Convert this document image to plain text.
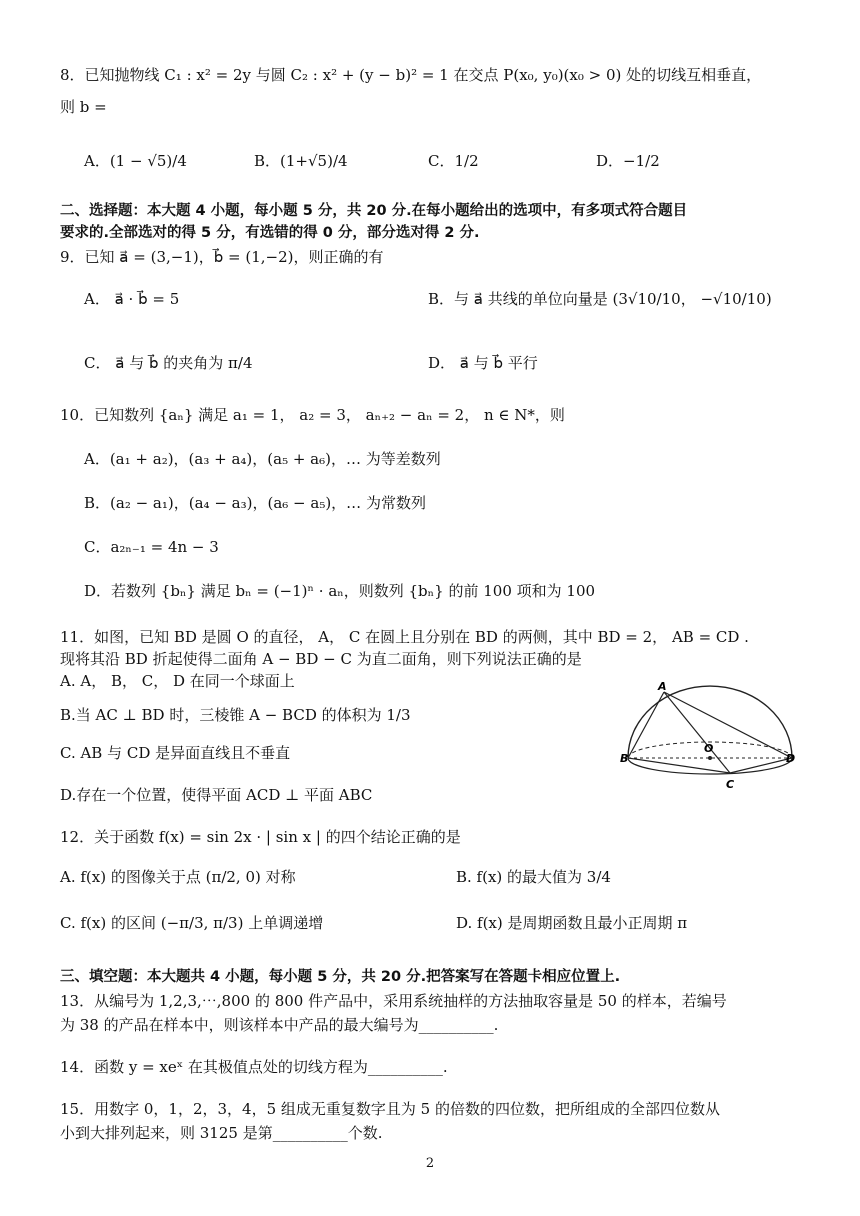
8．已知抛物线 C₁ : x² = 2y 与圆 C₂ : x² + (y − b)² = 1 在交点 P(x₀, y₀)(x₀ > 0) 处的切线互相垂直，
则 b =
A．(1 − √5)/4	B．(1+√5)/4	C．1/2	D．−1/2
二、选择题：本大题 4 小题，每小题 5 分，共 20 分.在每小题给出的选项中，有多项式符合题目
要求的.全部选对的得 5 分，有选错的得 0 分，部分选对得 2 分.
9．已知 a⃗ = (3,−1)，b⃗ = (1,−2)，则正确的有
A． a⃗ · b⃗ = 5	B．与 a⃗ 共线的单位向量是 (3√10/10， −√10/10)
C． a⃗ 与 b⃗ 的夹角为 π/4	D． a⃗ 与 b⃗ 平行
10．已知数列 {aₙ} 满足 a₁ = 1， a₂ = 3， aₙ₊₂ − aₙ = 2， n ∈ N*，则
A．(a₁ + a₂)，(a₃ + a₄)，(a₅ + a₆)，… 为等差数列
B．(a₂ − a₁)，(a₄ − a₃)，(a₆ − a₅)，… 为常数列
C．a₂ₙ₋₁ = 4n − 3
D．若数列 {bₙ} 满足 bₙ = (−1)ⁿ · aₙ，则数列 {bₙ} 的前 100 项和为 100
11．如图，已知 BD 是圆 O 的直径， A， C 在圆上且分别在 BD 的两侧，其中 BD = 2， AB = CD .
现将其沿 BD 折起使得二面角 A − BD − C 为直二面角，则下列说法正确的是
A. A， B， C， D 在同一个球面上
B.当 AC ⊥ BD 时，三棱锥 A − BCD 的体积为 1/3
C. AB 与 CD 是异面直线且不垂直
D.存在一个位置，使得平面 ACD ⊥ 平面 ABC
A
B
C
D
O
12．关于函数 f(x) = sin 2x · | sin x | 的四个结论正确的是
A. f(x) 的图像关于点 (π/2, 0) 对称	B. f(x) 的最大值为 3/4
C. f(x) 的区间 (−π/3, π/3) 上单调递增	D. f(x) 是周期函数且最小正周期 π
三、填空题：本大题共 4 小题，每小题 5 分，共 20 分.把答案写在答题卡相应位置上.
13．从编号为 1,2,3,⋯,800 的 800 件产品中，采用系统抽样的方法抽取容量是 50 的样本，若编号
为 38 的产品在样本中，则该样本中产品的最大编号为__________.
14．函数 y = xeˣ 在其极值点处的切线方程为__________.
15．用数字 0，1，2，3，4，5 组成无重复数字且为 5 的倍数的四位数，把所组成的全部四位数从
小到大排列起来，则 3125 是第__________个数.
2
